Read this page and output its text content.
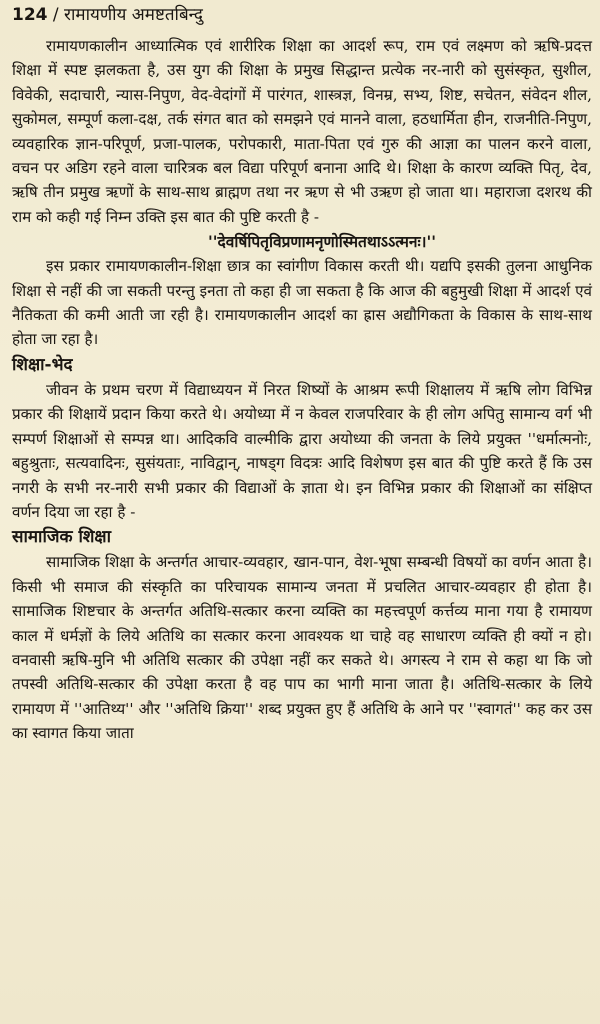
124 / रामायणीय अमष्टतबिन्दु

रामायणकालीन आध्यात्मिक एवं शारीरिक शिक्षा का आदर्श रूप, राम एवं लक्ष्मण को ऋषि-प्रदत्त शिक्षा में स्पष्ट झलकता है, उस युग की शिक्षा के प्रमुख सिद्धान्त प्रत्येक नर-नारी को सुसंस्कृत, सुशील, विवेकी, सदाचारी, न्यास-निपुण, वेद-वेदांगों में पारंगत, शास्त्रज्ञ, विनम्र, सभ्य, शिष्ट, सचेतन, संवेदन शील, सुकोमल, सम्पूर्ण कला-दक्ष, तर्क संगत बात को समझने एवं मानने वाला, हठधार्मिता हीन, राजनीति-निपुण, व्यवहारिक ज्ञान-परिपूर्ण, प्रजा-पालक, परोपकारी, माता-पिता एवं गुरु की आज्ञा का पालन करने वाला, वचन पर अडिग रहने वाला चारित्रक बल विद्या परिपूर्ण बनाना आदि थे। शिक्षा के कारण व्यक्ति पितृ, देव, ऋषि तीन प्रमुख ऋणों के साथ-साथ ब्राह्मण तथा नर ऋण से भी उऋण हो जाता था। महाराजा दशरथ की राम को कही गई निम्न उक्ति इस बात की पुष्टि करती है -

''देवर्षिपितृविप्रणामनृणोस्मितथाऽऽत्मनः।''

इस प्रकार रामायणकालीन-शिक्षा छात्र का स्वांगीण विकास करती थी। यद्यपि इसकी तुलना आधुनिक शिक्षा से नहीं की जा सकती परन्तु इनता तो कहा ही जा सकता है कि आज की बहुमुखी शिक्षा में आदर्श एवं नैतिकता की कमी आती जा रही है। रामायणकालीन आदर्श का ह्रास अद्यौगिकता के विकास के साथ-साथ होता जा रहा है।

शिक्षा-भेद

जीवन के प्रथम चरण में विद्याध्ययन में निरत शिष्यों के आश्रम रूपी शिक्षालय में ऋषि लोग विभिन्न प्रकार की शिक्षायें प्रदान किया करते थे। अयोध्या में न केवल राजपरिवार के ही लोग अपितु सामान्य वर्ग भी सम्पर्ण शिक्षाओं से सम्पन्न था। आदिकवि वाल्मीकि द्वारा अयोध्या की जनता के लिये प्रयुक्त ''धर्मात्मनोः, बहुश्रुताः, सत्यवादिनः, सुसंयताः, नाविद्वान्, नाषड्ग विदत्रः आदि विशेषण इस बात की पुष्टि करते हैं कि उस नगरी के सभी नर-नारी सभी प्रकार की विद्याओं के ज्ञाता थे। इन विभिन्न प्रकार की शिक्षाओं का संक्षिप्त वर्णन दिया जा रहा है -

सामाजिक शिक्षा

सामाजिक शिक्षा के अन्तर्गत आचार-व्यवहार, खान-पान, वेश-भूषा सम्बन्धी विषयों का वर्णन आता है। किसी भी समाज की संस्कृति का परिचायक सामान्य जनता में प्रचलित आचार-व्यवहार ही होता है। सामाजिक शिष्टचार के अन्तर्गत अतिथि-सत्कार करना व्यक्ति का महत्त्वपूर्ण कर्त्तव्य माना गया है रामायण काल में धर्मज्ञों के लिये अतिथि का सत्कार करना आवश्यक था चाहे वह साधारण व्यक्ति ही क्यों न हो। वनवासी ऋषि-मुनि भी अतिथि सत्कार की उपेक्षा नहीं कर सकते थे। अगस्त्य ने राम से कहा था कि जो तपस्वी अतिथि-सत्कार की उपेक्षा करता है वह पाप का भागी माना जाता है। अतिथि-सत्कार के लिये रामायण में ''आतिथ्य'' और ''अतिथि क्रिया'' शब्द प्रयुक्त हुए हैं अतिथि के आने पर ''स्वागतं'' कह कर उस का स्वागत किया जाता
